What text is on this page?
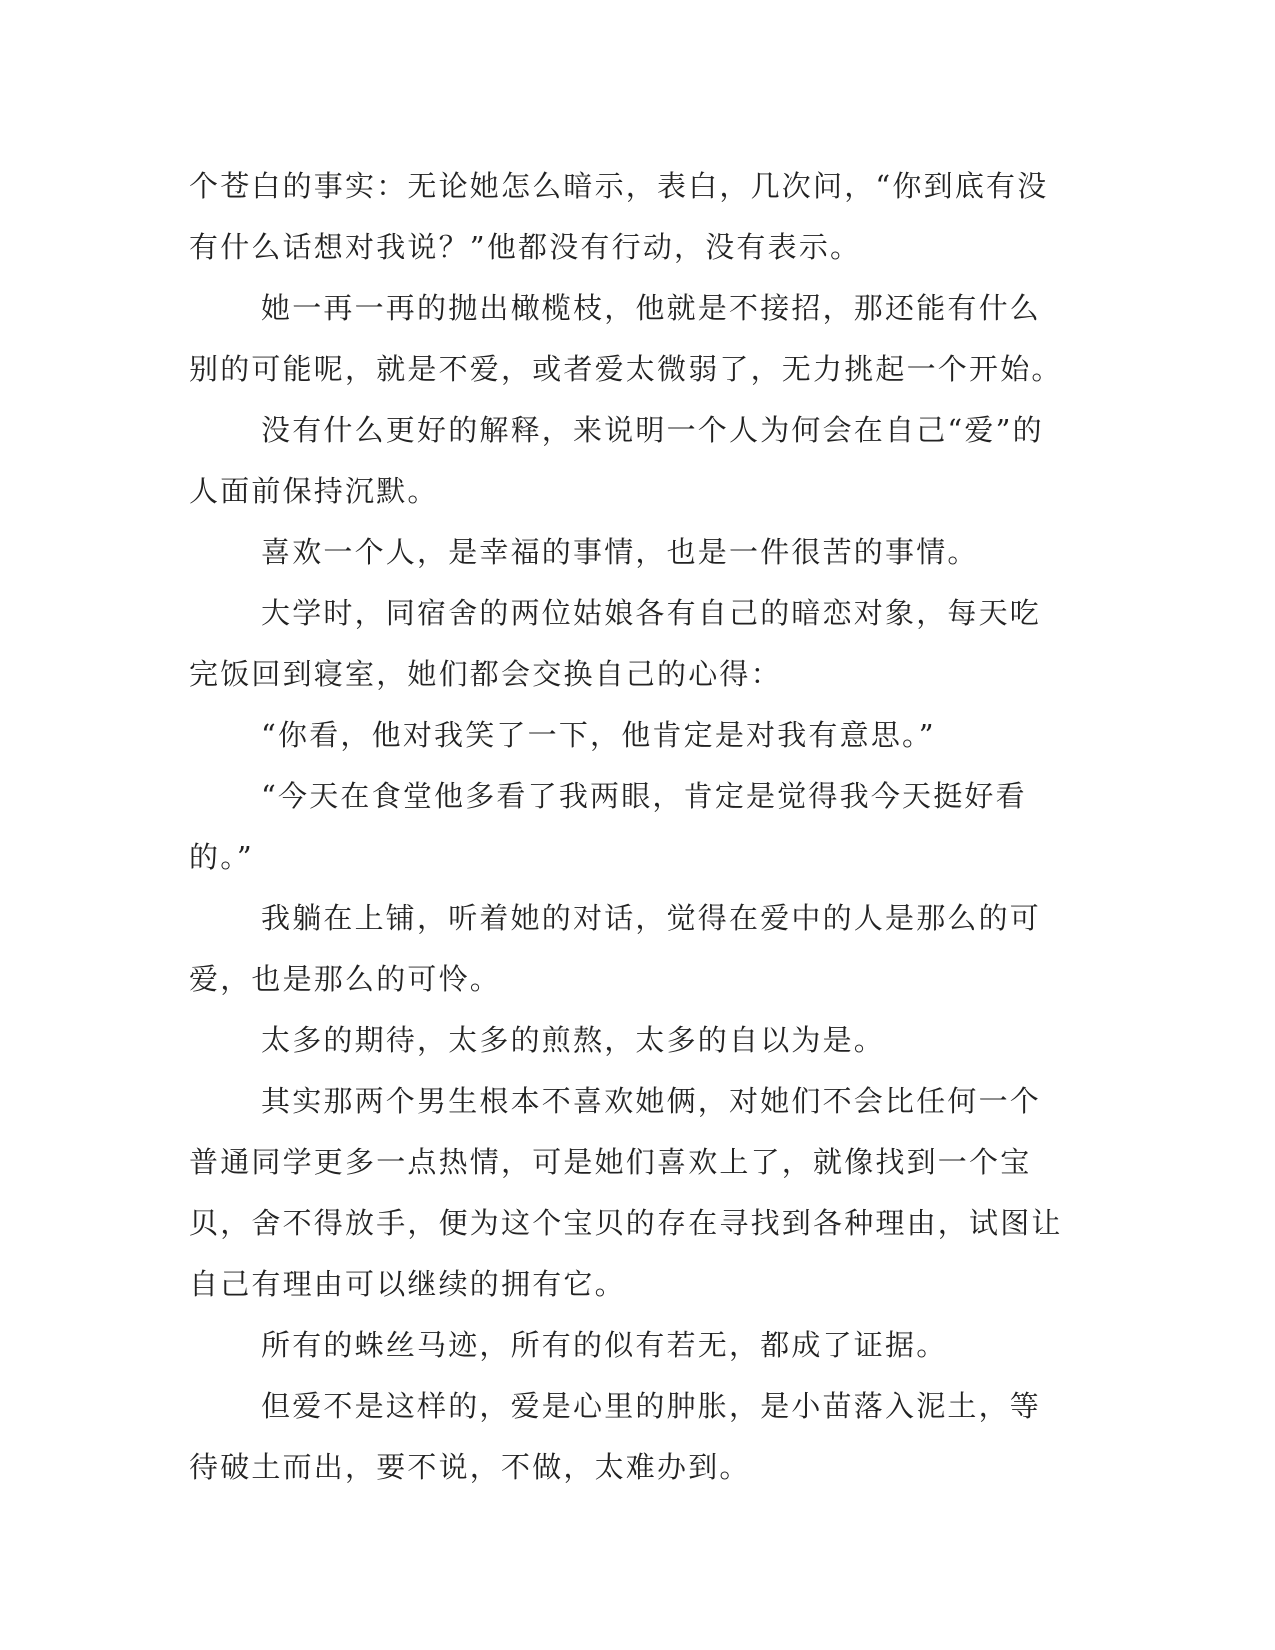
个苍白的事实：无论她怎么暗示，表白，几次问，“你到底有没有什么话想对我说？”他都没有行动，没有表示。

她一再一再的抛出橄榄枝，他就是不接招，那还能有什么别的可能呢，就是不爱，或者爱太微弱了，无力挑起一个开始。

没有什么更好的解释，来说明一个人为何会在自己“爱”的人面前保持沉默。

喜欢一个人，是幸福的事情，也是一件很苦的事情。

大学时，同宿舍的两位姑娘各有自己的暗恋对象，每天吃完饭回到寝室，她们都会交换自己的心得：

“你看，他对我笑了一下，他肯定是对我有意思。”

“今天在食堂他多看了我两眼，肯定是觉得我今天挺好看的。”

我躺在上铺，听着她的对话，觉得在爱中的人是那么的可爱，也是那么的可怜。

太多的期待，太多的煎熬，太多的自以为是。

其实那两个男生根本不喜欢她俩，对她们不会比任何一个普通同学更多一点热情，可是她们喜欢上了，就像找到一个宝贝，舍不得放手，便为这个宝贝的存在寻找到各种理由，试图让自己有理由可以继续的拥有它。

所有的蛛丝马迹，所有的似有若无，都成了证据。

但爱不是这样的，爱是心里的肿胀，是小苗落入泥土，等待破土而出，要不说，不做，太难办到。
